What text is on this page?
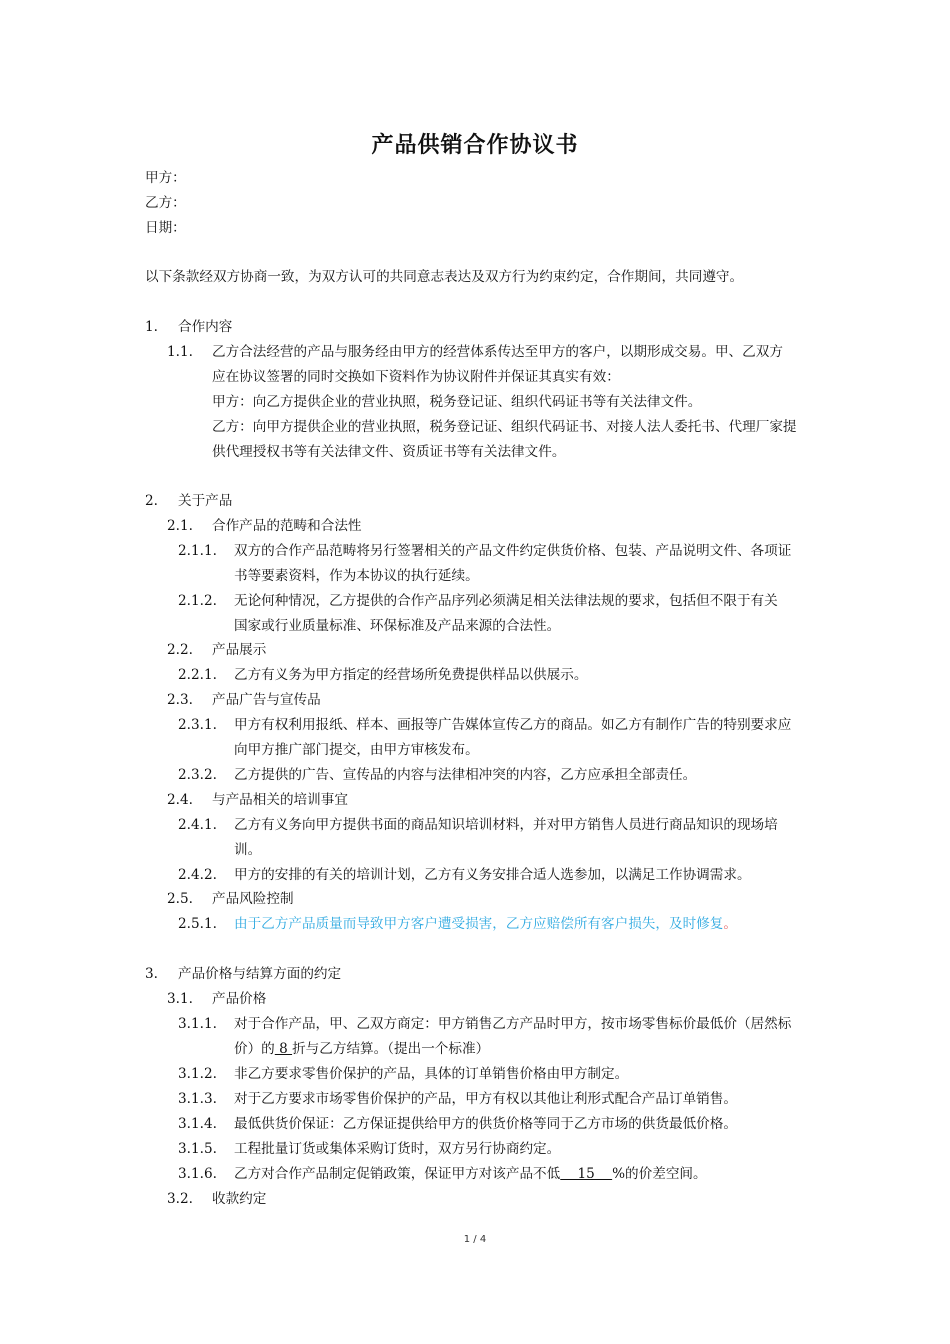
产品供销合作协议书
甲方：
乙方：
日期：
以下条款经双方协商一致，为双方认可的共同意志表达及双方行为约束约定，合作期间，共同遵守。
1. 合作内容
1.1. 乙方合法经营的产品与服务经由甲方的经营体系传达至甲方的客户，以期形成交易。甲、乙双方
应在协议签署的同时交换如下资料作为协议附件并保证其真实有效：
甲方：向乙方提供企业的营业执照，税务登记证、组织代码证书等有关法律文件。
乙方：向甲方提供企业的营业执照，税务登记证、组织代码证书、对接人法人委托书、代理厂家提
供代理授权书等有关法律文件、资质证书等有关法律文件。
2. 关于产品
2.1. 合作产品的范畴和合法性
2.1.1. 双方的合作产品范畴将另行签署相关的产品文件约定供货价格、包装、产品说明文件、各项证
书等要素资料，作为本协议的执行延续。
2.1.2. 无论何种情况，乙方提供的合作产品序列必须满足相关法律法规的要求，包括但不限于有关
国家或行业质量标准、环保标准及产品来源的合法性。
2.2. 产品展示
2.2.1. 乙方有义务为甲方指定的经营场所免费提供样品以供展示。
2.3. 产品广告与宣传品
2.3.1. 甲方有权利用报纸、样本、画报等广告媒体宣传乙方的商品。如乙方有制作广告的特别要求应
向甲方推广部门提交，由甲方审核发布。
2.3.2. 乙方提供的广告、宣传品的内容与法律相冲突的内容，乙方应承担全部责任。
2.4. 与产品相关的培训事宜
2.4.1. 乙方有义务向甲方提供书面的商品知识培训材料，并对甲方销售人员进行商品知识的现场培
训。
2.4.2. 甲方的安排的有关的培训计划，乙方有义务安排合适人选参加，以满足工作协调需求。
2.5. 产品风险控制
2.5.1. 由于乙方产品质量而导致甲方客户遭受损害，乙方应赔偿所有客户损失，及时修复。
3. 产品价格与结算方面的约定
3.1. 产品价格
3.1.1. 对于合作产品，甲、乙双方商定：甲方销售乙方产品时甲方，按市场零售标价最低价（居然标
价）的 8 折与乙方结算。（提出一个标准）
3.1.2. 非乙方要求零售价保护的产品，具体的订单销售价格由甲方制定。
3.1.3. 对于乙方要求市场零售价保护的产品，甲方有权以其他让利形式配合产品订单销售。
3.1.4. 最低供货价保证：乙方保证提供给甲方的供货价格等同于乙方市场的供货最低价格。
3.1.5. 工程批量订货或集体采购订货时，双方另行协商约定。
3.1.6. 乙方对合作产品制定促销政策，保证甲方对该产品不低    15    %的价差空间。
3.2. 收款约定
1 / 4
